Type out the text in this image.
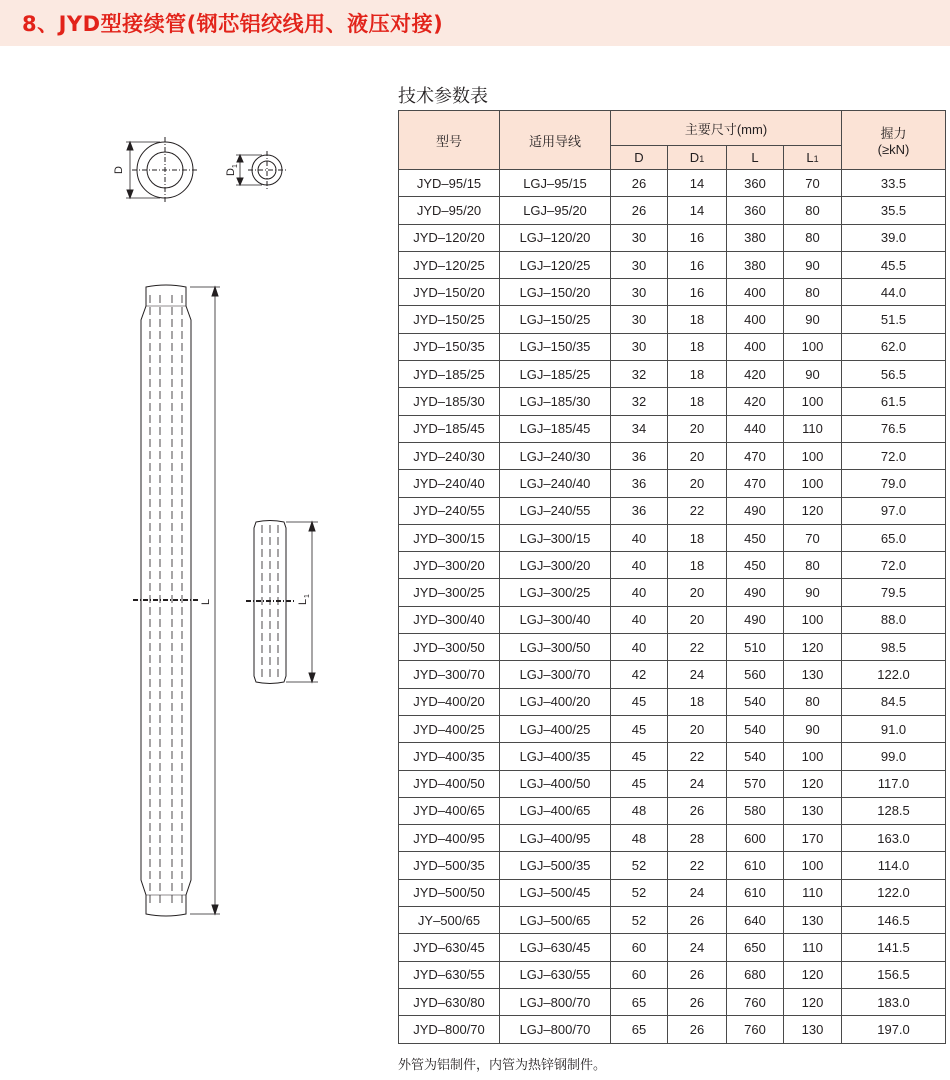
8、JYD型接续管(钢芯铝绞线用、液压对接)
D	D
1
L	L
1
技术参数表
型号	适用导线	主要尺寸(mm)				握力
(≥kN)

		D	D1	L	L1	
JYD–95/15	LGJ–95/15	26	14	360	70	33.5
JYD–95/20	LGJ–95/20	26	14	360	80	35.5
JYD–120/20	LGJ–120/20	30	16	380	80	39.0
JYD–120/25	LGJ–120/25	30	16	380	90	45.5
JYD–150/20	LGJ–150/20	30	16	400	80	44.0
JYD–150/25	LGJ–150/25	30	18	400	90	51.5
JYD–150/35	LGJ–150/35	30	18	400	100	62.0
JYD–185/25	LGJ–185/25	32	18	420	90	56.5
JYD–185/30	LGJ–185/30	32	18	420	100	61.5
JYD–185/45	LGJ–185/45	34	20	440	110	76.5
JYD–240/30	LGJ–240/30	36	20	470	100	72.0
JYD–240/40	LGJ–240/40	36	20	470	100	79.0
JYD–240/55	LGJ–240/55	36	22	490	120	97.0
JYD–300/15	LGJ–300/15	40	18	450	70	65.0
JYD–300/20	LGJ–300/20	40	18	450	80	72.0
JYD–300/25	LGJ–300/25	40	20	490	90	79.5
JYD–300/40	LGJ–300/40	40	20	490	100	88.0
JYD–300/50	LGJ–300/50	40	22	510	120	98.5
JYD–300/70	LGJ–300/70	42	24	560	130	122.0
JYD–400/20	LGJ–400/20	45	18	540	80	84.5
JYD–400/25	LGJ–400/25	45	20	540	90	91.0
JYD–400/35	LGJ–400/35	45	22	540	100	99.0
JYD–400/50	LGJ–400/50	45	24	570	120	117.0
JYD–400/65	LGJ–400/65	48	26	580	130	128.5
JYD–400/95	LGJ–400/95	48	28	600	170	163.0
JYD–500/35	LGJ–500/35	52	22	610	100	114.0
JYD–500/50	LGJ–500/45	52	24	610	110	122.0
JY–500/65	LGJ–500/65	52	26	640	130	146.5
JYD–630/45	LGJ–630/45	60	24	650	110	141.5
JYD–630/55	LGJ–630/55	60	26	680	120	156.5
JYD–630/80	LGJ–800/70	65	26	760	120	183.0
JYD–800/70	LGJ–800/70	65	26	760	130	197.0
外管为铝制件，内管为热锌钢制件。
